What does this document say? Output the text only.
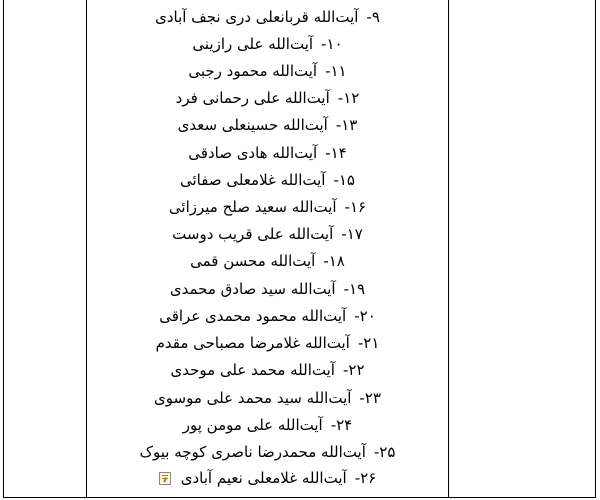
۹-آیت‌الله قربانعلی دری نجف آبادی
۱۰-آیت‌الله علی رازینی
۱۱-آیت‌الله محمود رجبی
۱۲-آیت‌الله علی رحمانی فرد
۱۳-آیت‌الله حسینعلی سعدی
۱۴-آیت‌الله هادی صادقی
۱۵-آیت‌الله غلامعلی صفائی
۱۶-آیت‌الله سعید صلح میرزائی
۱۷-آیت‌الله علی قریب دوست
۱۸-آیت‌الله محسن قمی
۱۹-آیت‌الله سید صادق محمدی
۲۰-آیت‌الله محمود محمدی عراقی
۲۱-آیت‌الله غلامرضا مصباحی مقدم
۲۲-آیت‌الله محمد علی موحدی
۲۳-آیت‌الله سید محمد علی موسوی
۲۴-آیت‌الله علی مومن پور
۲۵-آیت‌الله محمدرضا ناصری کوچه بیوک
۲۶-آیت‌الله غلامعلی نعیم آبادی
